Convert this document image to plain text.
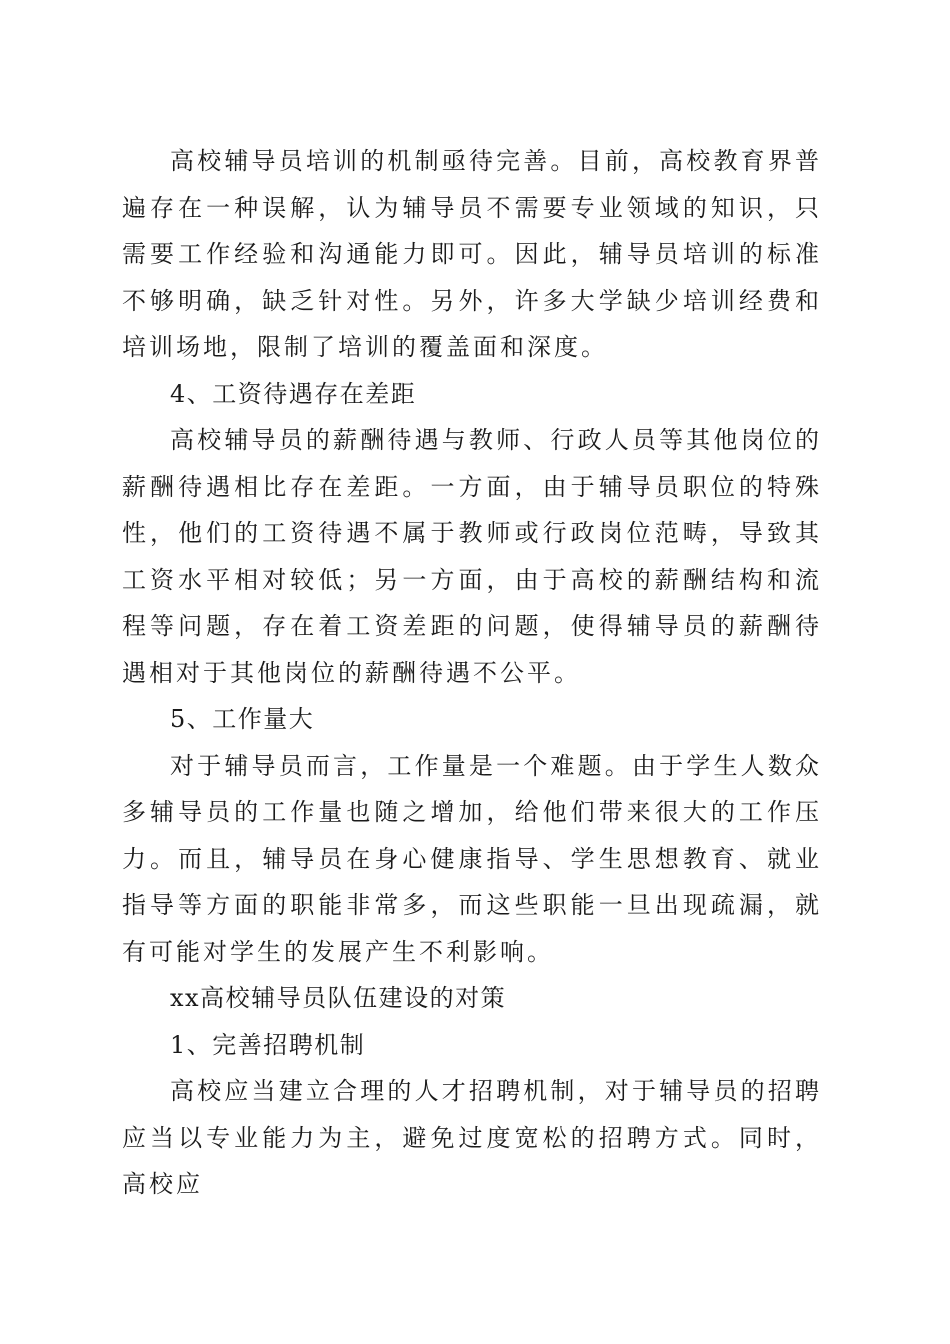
高校辅导员培训的机制亟待完善。目前，高校教育界普遍存在一种误解，认为辅导员不需要专业领域的知识，只需要工作经验和沟通能力即可。因此，辅导员培训的标准不够明确，缺乏针对性。另外，许多大学缺少培训经费和培训场地，限制了培训的覆盖面和深度。

4、工资待遇存在差距

高校辅导员的薪酬待遇与教师、行政人员等其他岗位的薪酬待遇相比存在差距。一方面，由于辅导员职位的特殊性，他们的工资待遇不属于教师或行政岗位范畴，导致其工资水平相对较低；另一方面，由于高校的薪酬结构和流程等问题，存在着工资差距的问题，使得辅导员的薪酬待遇相对于其他岗位的薪酬待遇不公平。

5、工作量大

对于辅导员而言，工作量是一个难题。由于学生人数众多辅导员的工作量也随之增加，给他们带来很大的工作压力。而且，辅导员在身心健康指导、学生思想教育、就业指导等方面的职能非常多，而这些职能一旦出现疏漏，就有可能对学生的发展产生不利影响。

xx高校辅导员队伍建设的对策

1、完善招聘机制

高校应当建立合理的人才招聘机制，对于辅导员的招聘应当以专业能力为主，避免过度宽松的招聘方式。同时，高校应
